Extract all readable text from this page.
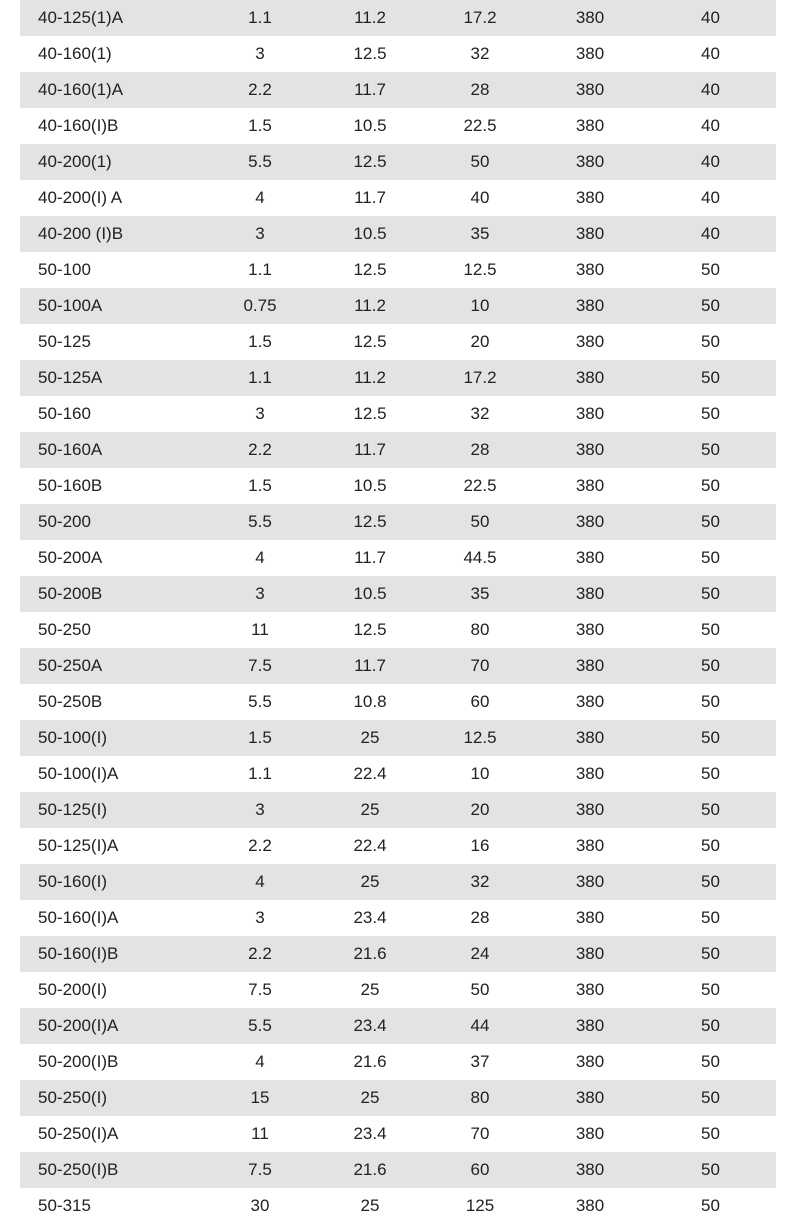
40-125(1)A	1.1	11.2	17.2	380	40
40-160(1)	3	12.5	32	380	40
40-160(1)A	2.2	11.7	28	380	40
40-160(I)B	1.5	10.5	22.5	380	40
40-200(1)	5.5	12.5	50	380	40
40-200(I) A	4	11.7	40	380	40
40-200 (I)B	3	10.5	35	380	40
50-100	1.1	12.5	12.5	380	50
50-100A	0.75	11.2	10	380	50
50-125	1.5	12.5	20	380	50
50-125A	1.1	11.2	17.2	380	50
50-160	3	12.5	32	380	50
50-160A	2.2	11.7	28	380	50
50-160B	1.5	10.5	22.5	380	50
50-200	5.5	12.5	50	380	50
50-200A	4	11.7	44.5	380	50
50-200B	3	10.5	35	380	50
50-250	11	12.5	80	380	50
50-250A	7.5	11.7	70	380	50
50-250B	5.5	10.8	60	380	50
50-100(I)	1.5	25	12.5	380	50
50-100(I)A	1.1	22.4	10	380	50
50-125(I)	3	25	20	380	50
50-125(I)A	2.2	22.4	16	380	50
50-160(I)	4	25	32	380	50
50-160(I)A	3	23.4	28	380	50
50-160(I)B	2.2	21.6	24	380	50
50-200(I)	7.5	25	50	380	50
50-200(I)A	5.5	23.4	44	380	50
50-200(I)B	4	21.6	37	380	50
50-250(I)	15	25	80	380	50
50-250(I)A	11	23.4	70	380	50
50-250(I)B	7.5	21.6	60	380	50
50-315	30	25	125	380	50
